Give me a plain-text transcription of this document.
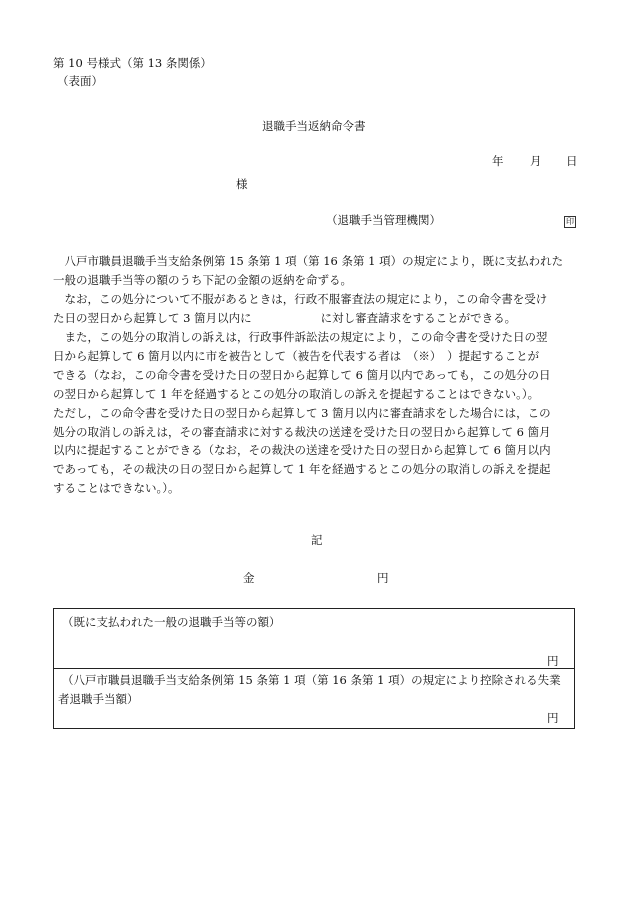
第 10 号様式（第 13 条関係）
（表面）
退職手当返納命令書
年 月 日
様
（退職手当管理機関）	印
　八戸市職員退職手当支給条例第 15 条第 1 項（第 16 条第 1 項）の規定により，既に支払われた
一般の退職手当等の額のうち下記の金額の返納を命ずる。
　なお，この処分について不服があるときは，行政不服審査法の規定により，この命令書を受け
た日の翌日から起算して 3 箇月以内に　　　　　　に対し審査請求をすることができる。
　また，この処分の取消しの訴えは，行政事件訴訟法の規定により，この命令書を受けた日の翌
日から起算して 6 箇月以内に市を被告として（被告を代表する者は　（※）　）提起することが
できる（なお，この命令書を受けた日の翌日から起算して 6 箇月以内であっても，この処分の日
の翌日から起算して 1 年を経過するとこの処分の取消しの訴えを提起することはできない。）。
ただし，この命令書を受けた日の翌日から起算して 3 箇月以内に審査請求をした場合には，この
処分の取消しの訴えは，その審査請求に対する裁決の送達を受けた日の翌日から起算して 6 箇月
以内に提起することができる（なお，その裁決の送達を受けた日の翌日から起算して 6 箇月以内
であっても，その裁決の日の翌日から起算して 1 年を経過するとこの処分の取消しの訴えを提起
することはできない。）。
記
金	円
（既に支払われた一般の退職手当等の額）
円
（八戸市職員退職手当支給条例第 15 条第 1 項（第 16 条第 1 項）の規定により控除される失業
者退職手当額）
円
